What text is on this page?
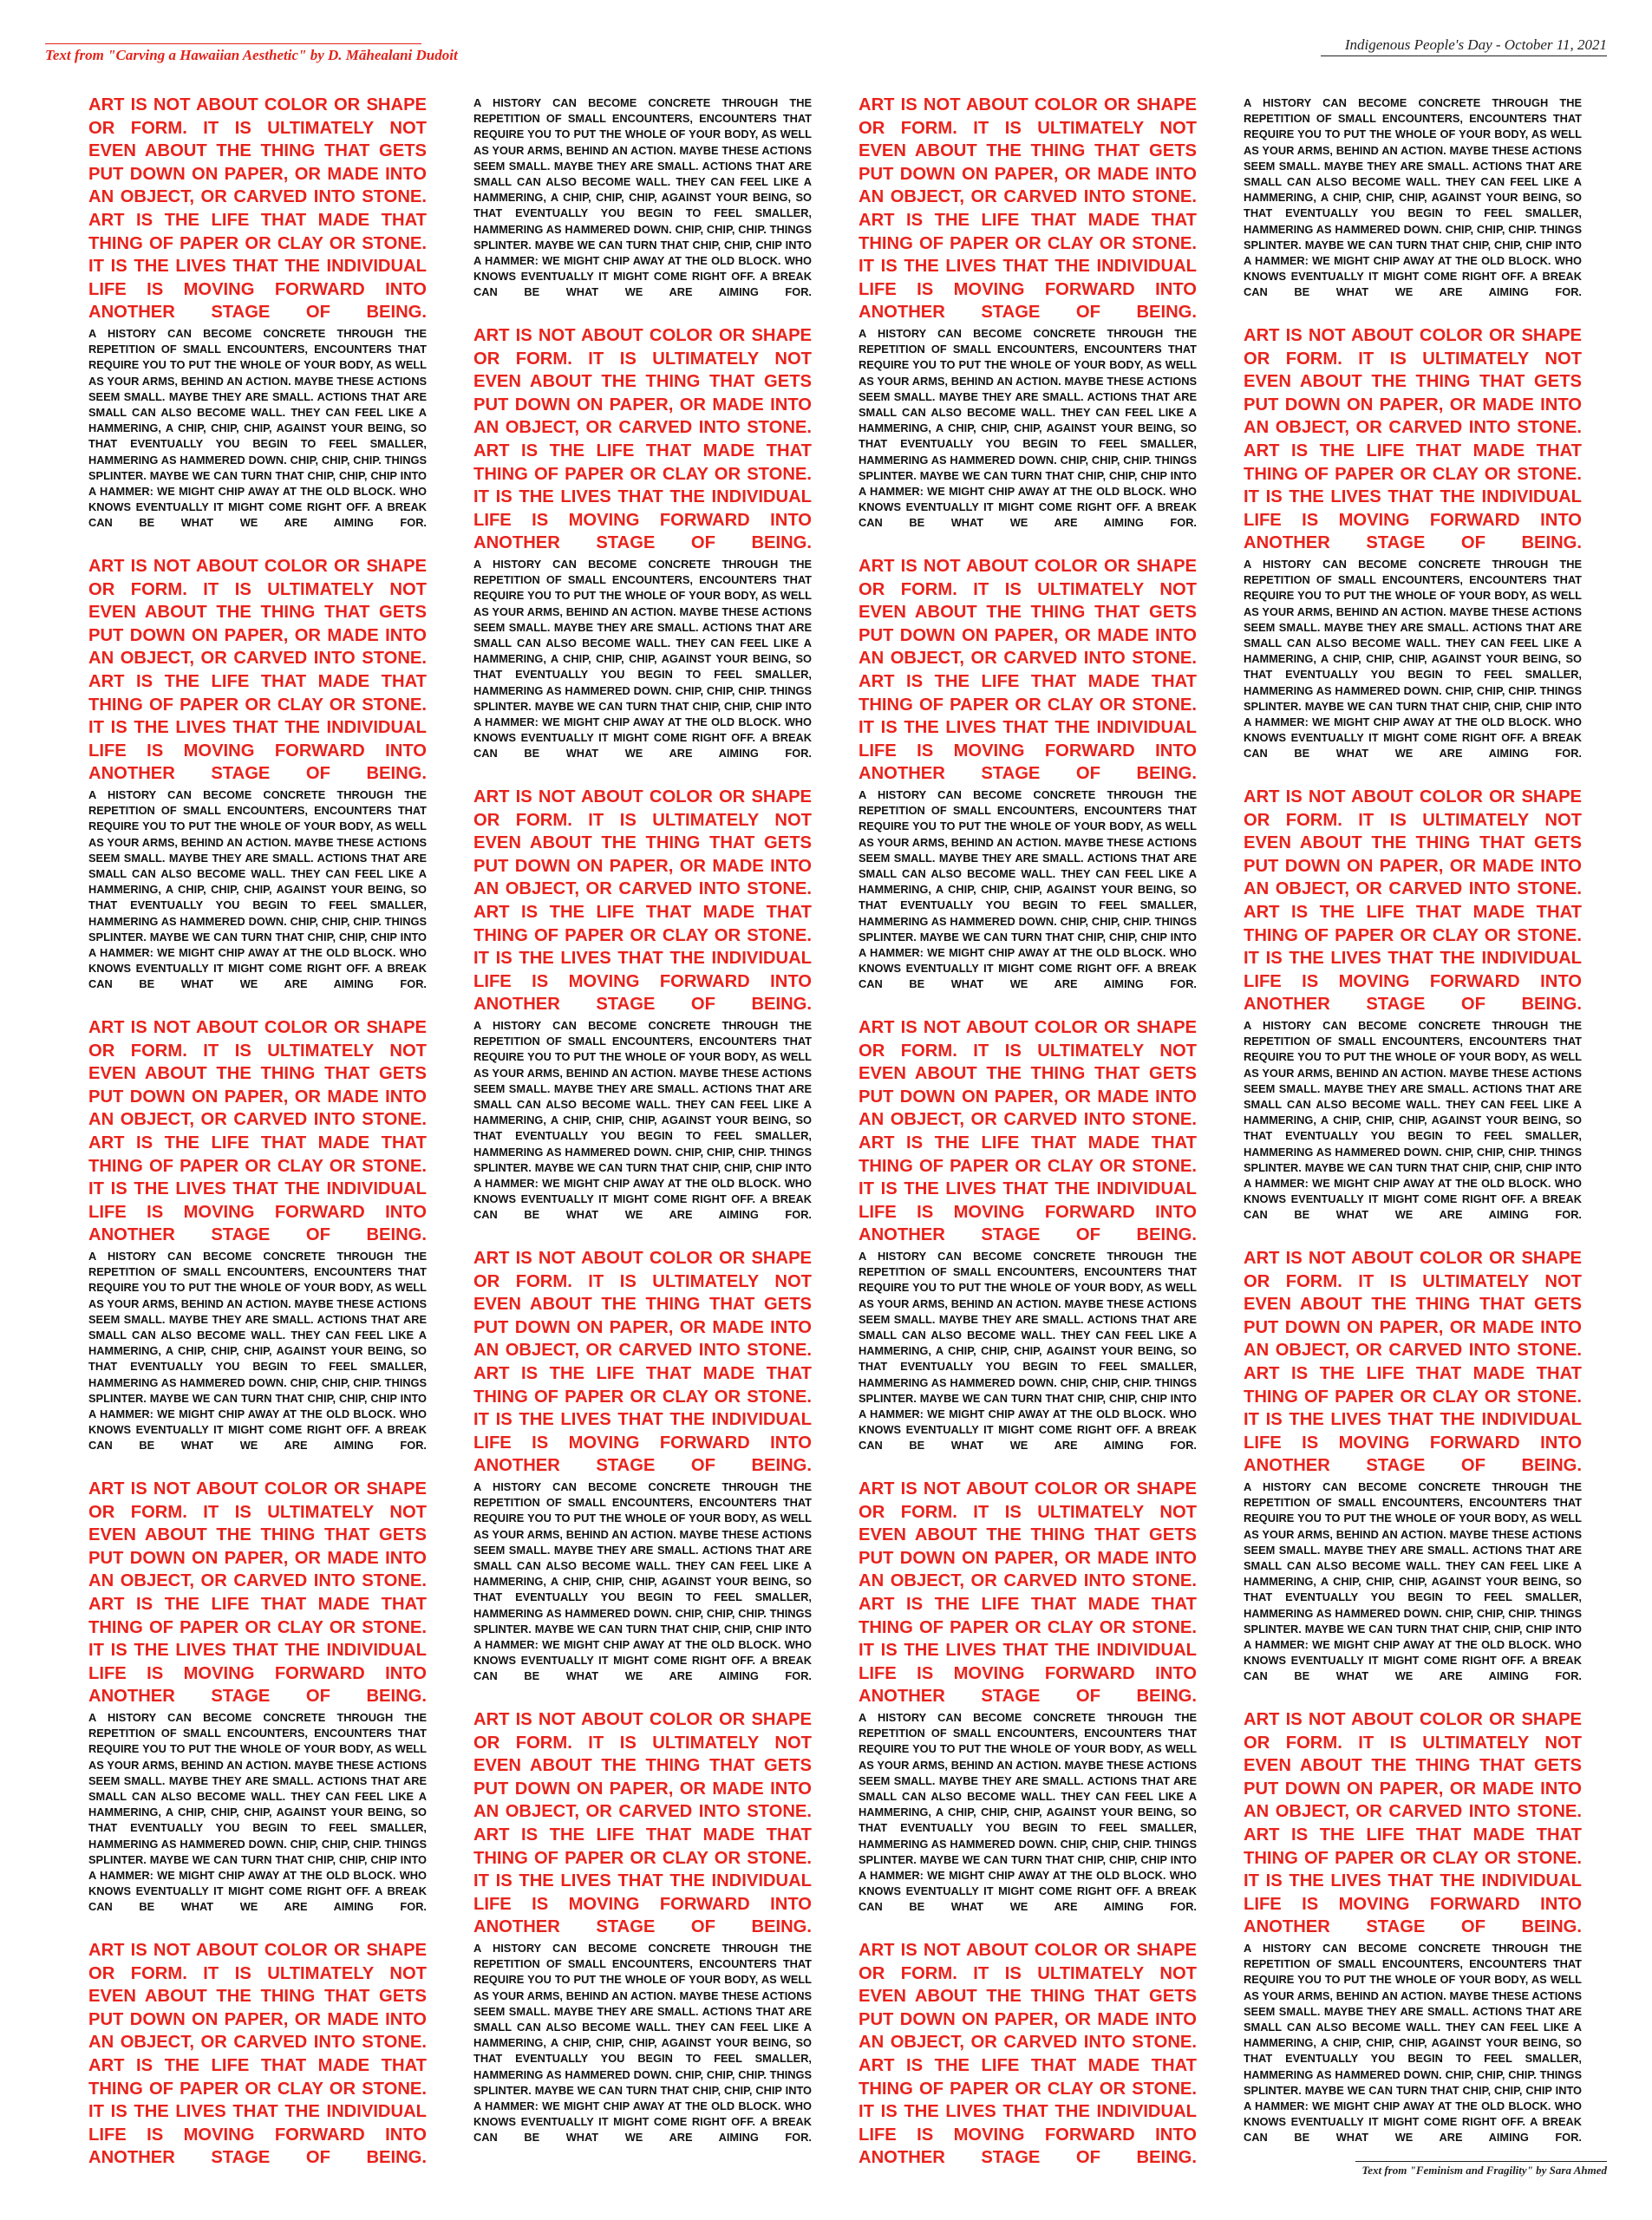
Text from "Carving a Hawaiian Aesthetic" by D. Māhealani Dudoit
Indigenous People's Day - October 11, 2021
ART IS NOT ABOUT COLOR OR SHAPE OR FORM. IT IS ULTIMATELY NOT EVEN ABOUT THE THING THAT GETS PUT DOWN ON PAPER, OR MADE INTO AN OBJECT, OR CARVED INTO STONE. ART IS THE LIFE THAT MADE THAT THING OF PAPER OR CLAY OR STONE. IT IS THE LIVES THAT THE INDIVIDUAL LIFE IS MOVING FORWARD INTO ANOTHER STAGE OF BEING.
A HISTORY CAN BECOME CONCRETE THROUGH THE REPETITION OF SMALL ENCOUNTERS, ENCOUNTERS THAT REQUIRE YOU TO PUT THE WHOLE OF YOUR BODY, AS WELL AS YOUR ARMS, BEHIND AN ACTION. MAYBE THESE ACTIONS SEEM SMALL. MAYBE THEY ARE SMALL. ACTIONS THAT ARE SMALL CAN ALSO BECOME WALL. THEY CAN FEEL LIKE A HAMMERING, A CHIP, CHIP, CHIP, AGAINST YOUR BEING, SO THAT EVENTUALLY YOU BEGIN TO FEEL SMALLER, HAMMERING AS HAMMERED DOWN. CHIP, CHIP, CHIP. THINGS SPLINTER. MAYBE WE CAN TURN THAT CHIP, CHIP, CHIP INTO A HAMMER: WE MIGHT CHIP AWAY AT THE OLD BLOCK. WHO KNOWS EVENTUALLY IT MIGHT COME RIGHT OFF. A BREAK CAN BE WHAT WE ARE AIMING FOR.
ART IS NOT ABOUT COLOR OR SHAPE OR FORM. IT IS ULTIMATELY NOT EVEN ABOUT THE THING THAT GETS PUT DOWN ON PAPER, OR MADE INTO AN OBJECT, OR CARVED INTO STONE. ART IS THE LIFE THAT MADE THAT THING OF PAPER OR CLAY OR STONE. IT IS THE LIVES THAT THE INDIVIDUAL LIFE IS MOVING FORWARD INTO ANOTHER STAGE OF BEING.
A HISTORY CAN BECOME CONCRETE THROUGH THE REPETITION OF SMALL ENCOUNTERS, ENCOUNTERS THAT REQUIRE YOU TO PUT THE WHOLE OF YOUR BODY, AS WELL AS YOUR ARMS, BEHIND AN ACTION. MAYBE THESE ACTIONS SEEM SMALL. MAYBE THEY ARE SMALL. ACTIONS THAT ARE SMALL CAN ALSO BECOME WALL. THEY CAN FEEL LIKE A HAMMERING, A CHIP, CHIP, CHIP, AGAINST YOUR BEING, SO THAT EVENTUALLY YOU BEGIN TO FEEL SMALLER, HAMMERING AS HAMMERED DOWN. CHIP, CHIP, CHIP. THINGS SPLINTER. MAYBE WE CAN TURN THAT CHIP, CHIP, CHIP INTO A HAMMER: WE MIGHT CHIP AWAY AT THE OLD BLOCK. WHO KNOWS EVENTUALLY IT MIGHT COME RIGHT OFF. A BREAK CAN BE WHAT WE ARE AIMING FOR.
A HISTORY CAN BECOME CONCRETE THROUGH THE REPETITION OF SMALL ENCOUNTERS, ENCOUNTERS THAT REQUIRE YOU TO PUT THE WHOLE OF YOUR BODY, AS WELL AS YOUR ARMS, BEHIND AN ACTION. MAYBE THESE ACTIONS SEEM SMALL. MAYBE THEY ARE SMALL. ACTIONS THAT ARE SMALL CAN ALSO BECOME WALL. THEY CAN FEEL LIKE A HAMMERING, A CHIP, CHIP, CHIP, AGAINST YOUR BEING, SO THAT EVENTUALLY YOU BEGIN TO FEEL SMALLER, HAMMERING AS HAMMERED DOWN. CHIP, CHIP, CHIP. THINGS SPLINTER. MAYBE WE CAN TURN THAT CHIP, CHIP, CHIP INTO A HAMMER: WE MIGHT CHIP AWAY AT THE OLD BLOCK. WHO KNOWS EVENTUALLY IT MIGHT COME RIGHT OFF. A BREAK CAN BE WHAT WE ARE AIMING FOR.
ART IS NOT ABOUT COLOR OR SHAPE OR FORM. IT IS ULTIMATELY NOT EVEN ABOUT THE THING THAT GETS PUT DOWN ON PAPER, OR MADE INTO AN OBJECT, OR CARVED INTO STONE. ART IS THE LIFE THAT MADE THAT THING OF PAPER OR CLAY OR STONE. IT IS THE LIVES THAT THE INDIVIDUAL LIFE IS MOVING FORWARD INTO ANOTHER STAGE OF BEING.
A HISTORY CAN BECOME CONCRETE THROUGH THE REPETITION OF SMALL ENCOUNTERS, ENCOUNTERS THAT REQUIRE YOU TO PUT THE WHOLE OF YOUR BODY, AS WELL AS YOUR ARMS, BEHIND AN ACTION. MAYBE THESE ACTIONS SEEM SMALL. MAYBE THEY ARE SMALL. ACTIONS THAT ARE SMALL CAN ALSO BECOME WALL. THEY CAN FEEL LIKE A HAMMERING, A CHIP, CHIP, CHIP, AGAINST YOUR BEING, SO THAT EVENTUALLY YOU BEGIN TO FEEL SMALLER, HAMMERING AS HAMMERED DOWN. CHIP, CHIP, CHIP. THINGS SPLINTER. MAYBE WE CAN TURN THAT CHIP, CHIP, CHIP INTO A HAMMER: WE MIGHT CHIP AWAY AT THE OLD BLOCK. WHO KNOWS EVENTUALLY IT MIGHT COME RIGHT OFF. A BREAK CAN BE WHAT WE ARE AIMING FOR.
ART IS NOT ABOUT COLOR OR SHAPE OR FORM. IT IS ULTIMATELY NOT EVEN ABOUT THE THING THAT GETS PUT DOWN ON PAPER, OR MADE INTO AN OBJECT, OR CARVED INTO STONE. ART IS THE LIFE THAT MADE THAT THING OF PAPER OR CLAY OR STONE. IT IS THE LIVES THAT THE INDIVIDUAL LIFE IS MOVING FORWARD INTO ANOTHER STAGE OF BEING.
ART IS NOT ABOUT COLOR OR SHAPE OR FORM. IT IS ULTIMATELY NOT EVEN ABOUT THE THING THAT GETS PUT DOWN ON PAPER, OR MADE INTO AN OBJECT, OR CARVED INTO STONE. ART IS THE LIFE THAT MADE THAT THING OF PAPER OR CLAY OR STONE. IT IS THE LIVES THAT THE INDIVIDUAL LIFE IS MOVING FORWARD INTO ANOTHER STAGE OF BEING.
A HISTORY CAN BECOME CONCRETE THROUGH THE REPETITION OF SMALL ENCOUNTERS, ENCOUNTERS THAT REQUIRE YOU TO PUT THE WHOLE OF YOUR BODY, AS WELL AS YOUR ARMS, BEHIND AN ACTION. MAYBE THESE ACTIONS SEEM SMALL. MAYBE THEY ARE SMALL. ACTIONS THAT ARE SMALL CAN ALSO BECOME WALL. THEY CAN FEEL LIKE A HAMMERING, A CHIP, CHIP, CHIP, AGAINST YOUR BEING, SO THAT EVENTUALLY YOU BEGIN TO FEEL SMALLER, HAMMERING AS HAMMERED DOWN. CHIP, CHIP, CHIP. THINGS SPLINTER. MAYBE WE CAN TURN THAT CHIP, CHIP, CHIP INTO A HAMMER: WE MIGHT CHIP AWAY AT THE OLD BLOCK. WHO KNOWS EVENTUALLY IT MIGHT COME RIGHT OFF. A BREAK CAN BE WHAT WE ARE AIMING FOR.
ART IS NOT ABOUT COLOR OR SHAPE OR FORM. IT IS ULTIMATELY NOT EVEN ABOUT THE THING THAT GETS PUT DOWN ON PAPER, OR MADE INTO AN OBJECT, OR CARVED INTO STONE. ART IS THE LIFE THAT MADE THAT THING OF PAPER OR CLAY OR STONE. IT IS THE LIVES THAT THE INDIVIDUAL LIFE IS MOVING FORWARD INTO ANOTHER STAGE OF BEING.
A HISTORY CAN BECOME CONCRETE THROUGH THE REPETITION OF SMALL ENCOUNTERS, ENCOUNTERS THAT REQUIRE YOU TO PUT THE WHOLE OF YOUR BODY, AS WELL AS YOUR ARMS, BEHIND AN ACTION. MAYBE THESE ACTIONS SEEM SMALL. MAYBE THEY ARE SMALL. ACTIONS THAT ARE SMALL CAN ALSO BECOME WALL. THEY CAN FEEL LIKE A HAMMERING, A CHIP, CHIP, CHIP, AGAINST YOUR BEING, SO THAT EVENTUALLY YOU BEGIN TO FEEL SMALLER, HAMMERING AS HAMMERED DOWN. CHIP, CHIP, CHIP. THINGS SPLINTER. MAYBE WE CAN TURN THAT CHIP, CHIP, CHIP INTO A HAMMER: WE MIGHT CHIP AWAY AT THE OLD BLOCK. WHO KNOWS EVENTUALLY IT MIGHT COME RIGHT OFF. A BREAK CAN BE WHAT WE ARE AIMING FOR.
A HISTORY CAN BECOME CONCRETE THROUGH THE REPETITION OF SMALL ENCOUNTERS, ENCOUNTERS THAT REQUIRE YOU TO PUT THE WHOLE OF YOUR BODY, AS WELL AS YOUR ARMS, BEHIND AN ACTION. MAYBE THESE ACTIONS SEEM SMALL. MAYBE THEY ARE SMALL. ACTIONS THAT ARE SMALL CAN ALSO BECOME WALL. THEY CAN FEEL LIKE A HAMMERING, A CHIP, CHIP, CHIP, AGAINST YOUR BEING, SO THAT EVENTUALLY YOU BEGIN TO FEEL SMALLER, HAMMERING AS HAMMERED DOWN. CHIP, CHIP, CHIP. THINGS SPLINTER. MAYBE WE CAN TURN THAT CHIP, CHIP, CHIP INTO A HAMMER: WE MIGHT CHIP AWAY AT THE OLD BLOCK. WHO KNOWS EVENTUALLY IT MIGHT COME RIGHT OFF. A BREAK CAN BE WHAT WE ARE AIMING FOR.
ART IS NOT ABOUT COLOR OR SHAPE OR FORM. IT IS ULTIMATELY NOT EVEN ABOUT THE THING THAT GETS PUT DOWN ON PAPER, OR MADE INTO AN OBJECT, OR CARVED INTO STONE. ART IS THE LIFE THAT MADE THAT THING OF PAPER OR CLAY OR STONE. IT IS THE LIVES THAT THE INDIVIDUAL LIFE IS MOVING FORWARD INTO ANOTHER STAGE OF BEING.
A HISTORY CAN BECOME CONCRETE THROUGH THE REPETITION OF SMALL ENCOUNTERS, ENCOUNTERS THAT REQUIRE YOU TO PUT THE WHOLE OF YOUR BODY, AS WELL AS YOUR ARMS, BEHIND AN ACTION. MAYBE THESE ACTIONS SEEM SMALL. MAYBE THEY ARE SMALL. ACTIONS THAT ARE SMALL CAN ALSO BECOME WALL. THEY CAN FEEL LIKE A HAMMERING, A CHIP, CHIP, CHIP, AGAINST YOUR BEING, SO THAT EVENTUALLY YOU BEGIN TO FEEL SMALLER, HAMMERING AS HAMMERED DOWN. CHIP, CHIP, CHIP. THINGS SPLINTER. MAYBE WE CAN TURN THAT CHIP, CHIP, CHIP INTO A HAMMER: WE MIGHT CHIP AWAY AT THE OLD BLOCK. WHO KNOWS EVENTUALLY IT MIGHT COME RIGHT OFF. A BREAK CAN BE WHAT WE ARE AIMING FOR.
ART IS NOT ABOUT COLOR OR SHAPE OR FORM. IT IS ULTIMATELY NOT EVEN ABOUT THE THING THAT GETS PUT DOWN ON PAPER, OR MADE INTO AN OBJECT, OR CARVED INTO STONE. ART IS THE LIFE THAT MADE THAT THING OF PAPER OR CLAY OR STONE. IT IS THE LIVES THAT THE INDIVIDUAL LIFE IS MOVING FORWARD INTO ANOTHER STAGE OF BEING.
ART IS NOT ABOUT COLOR OR SHAPE OR FORM. IT IS ULTIMATELY NOT EVEN ABOUT THE THING THAT GETS PUT DOWN ON PAPER, OR MADE INTO AN OBJECT, OR CARVED INTO STONE. ART IS THE LIFE THAT MADE THAT THING OF PAPER OR CLAY OR STONE. IT IS THE LIVES THAT THE INDIVIDUAL LIFE IS MOVING FORWARD INTO ANOTHER STAGE OF BEING.
A HISTORY CAN BECOME CONCRETE THROUGH THE REPETITION OF SMALL ENCOUNTERS, ENCOUNTERS THAT REQUIRE YOU TO PUT THE WHOLE OF YOUR BODY, AS WELL AS YOUR ARMS, BEHIND AN ACTION. MAYBE THESE ACTIONS SEEM SMALL. MAYBE THEY ARE SMALL. ACTIONS THAT ARE SMALL CAN ALSO BECOME WALL. THEY CAN FEEL LIKE A HAMMERING, A CHIP, CHIP, CHIP, AGAINST YOUR BEING, SO THAT EVENTUALLY YOU BEGIN TO FEEL SMALLER, HAMMERING AS HAMMERED DOWN. CHIP, CHIP, CHIP. THINGS SPLINTER. MAYBE WE CAN TURN THAT CHIP, CHIP, CHIP INTO A HAMMER: WE MIGHT CHIP AWAY AT THE OLD BLOCK. WHO KNOWS EVENTUALLY IT MIGHT COME RIGHT OFF. A BREAK CAN BE WHAT WE ARE AIMING FOR.
ART IS NOT ABOUT COLOR OR SHAPE OR FORM. IT IS ULTIMATELY NOT EVEN ABOUT THE THING THAT GETS PUT DOWN ON PAPER, OR MADE INTO AN OBJECT, OR CARVED INTO STONE. ART IS THE LIFE THAT MADE THAT THING OF PAPER OR CLAY OR STONE. IT IS THE LIVES THAT THE INDIVIDUAL LIFE IS MOVING FORWARD INTO ANOTHER STAGE OF BEING.
A HISTORY CAN BECOME CONCRETE THROUGH THE REPETITION OF SMALL ENCOUNTERS, ENCOUNTERS THAT REQUIRE YOU TO PUT THE WHOLE OF YOUR BODY, AS WELL AS YOUR ARMS, BEHIND AN ACTION. MAYBE THESE ACTIONS SEEM SMALL. MAYBE THEY ARE SMALL. ACTIONS THAT ARE SMALL CAN ALSO BECOME WALL. THEY CAN FEEL LIKE A HAMMERING, A CHIP, CHIP, CHIP, AGAINST YOUR BEING, SO THAT EVENTUALLY YOU BEGIN TO FEEL SMALLER, HAMMERING AS HAMMERED DOWN. CHIP, CHIP, CHIP. THINGS SPLINTER. MAYBE WE CAN TURN THAT CHIP, CHIP, CHIP INTO A HAMMER: WE MIGHT CHIP AWAY AT THE OLD BLOCK. WHO KNOWS EVENTUALLY IT MIGHT COME RIGHT OFF. A BREAK CAN BE WHAT WE ARE AIMING FOR.
A HISTORY CAN BECOME CONCRETE THROUGH THE REPETITION OF SMALL ENCOUNTERS, ENCOUNTERS THAT REQUIRE YOU TO PUT THE WHOLE OF YOUR BODY, AS WELL AS YOUR ARMS, BEHIND AN ACTION. MAYBE THESE ACTIONS SEEM SMALL. MAYBE THEY ARE SMALL. ACTIONS THAT ARE SMALL CAN ALSO BECOME WALL. THEY CAN FEEL LIKE A HAMMERING, A CHIP, CHIP, CHIP, AGAINST YOUR BEING, SO THAT EVENTUALLY YOU BEGIN TO FEEL SMALLER, HAMMERING AS HAMMERED DOWN. CHIP, CHIP, CHIP. THINGS SPLINTER. MAYBE WE CAN TURN THAT CHIP, CHIP, CHIP INTO A HAMMER: WE MIGHT CHIP AWAY AT THE OLD BLOCK. WHO KNOWS EVENTUALLY IT MIGHT COME RIGHT OFF. A BREAK CAN BE WHAT WE ARE AIMING FOR.
ART IS NOT ABOUT COLOR OR SHAPE OR FORM. IT IS ULTIMATELY NOT EVEN ABOUT THE THING THAT GETS PUT DOWN ON PAPER, OR MADE INTO AN OBJECT, OR CARVED INTO STONE. ART IS THE LIFE THAT MADE THAT THING OF PAPER OR CLAY OR STONE. IT IS THE LIVES THAT THE INDIVIDUAL LIFE IS MOVING FORWARD INTO ANOTHER STAGE OF BEING.
A HISTORY CAN BECOME CONCRETE THROUGH THE REPETITION OF SMALL ENCOUNTERS, ENCOUNTERS THAT REQUIRE YOU TO PUT THE WHOLE OF YOUR BODY, AS WELL AS YOUR ARMS, BEHIND AN ACTION. MAYBE THESE ACTIONS SEEM SMALL. MAYBE THEY ARE SMALL. ACTIONS THAT ARE SMALL CAN ALSO BECOME WALL. THEY CAN FEEL LIKE A HAMMERING, A CHIP, CHIP, CHIP, AGAINST YOUR BEING, SO THAT EVENTUALLY YOU BEGIN TO FEEL SMALLER, HAMMERING AS HAMMERED DOWN. CHIP, CHIP, CHIP. THINGS SPLINTER. MAYBE WE CAN TURN THAT CHIP, CHIP, CHIP INTO A HAMMER: WE MIGHT CHIP AWAY AT THE OLD BLOCK. WHO KNOWS EVENTUALLY IT MIGHT COME RIGHT OFF. A BREAK CAN BE WHAT WE ARE AIMING FOR.
ART IS NOT ABOUT COLOR OR SHAPE OR FORM. IT IS ULTIMATELY NOT EVEN ABOUT THE THING THAT GETS PUT DOWN ON PAPER, OR MADE INTO AN OBJECT, OR CARVED INTO STONE. ART IS THE LIFE THAT MADE THAT THING OF PAPER OR CLAY OR STONE. IT IS THE LIVES THAT THE INDIVIDUAL LIFE IS MOVING FORWARD INTO ANOTHER STAGE OF BEING.
ART IS NOT ABOUT COLOR OR SHAPE OR FORM. IT IS ULTIMATELY NOT EVEN ABOUT THE THING THAT GETS PUT DOWN ON PAPER, OR MADE INTO AN OBJECT, OR CARVED INTO STONE. ART IS THE LIFE THAT MADE THAT THING OF PAPER OR CLAY OR STONE. IT IS THE LIVES THAT THE INDIVIDUAL LIFE IS MOVING FORWARD INTO ANOTHER STAGE OF BEING.
A HISTORY CAN BECOME CONCRETE THROUGH THE REPETITION OF SMALL ENCOUNTERS, ENCOUNTERS THAT REQUIRE YOU TO PUT THE WHOLE OF YOUR BODY, AS WELL AS YOUR ARMS, BEHIND AN ACTION. MAYBE THESE ACTIONS SEEM SMALL. MAYBE THEY ARE SMALL. ACTIONS THAT ARE SMALL CAN ALSO BECOME WALL. THEY CAN FEEL LIKE A HAMMERING, A CHIP, CHIP, CHIP, AGAINST YOUR BEING, SO THAT EVENTUALLY YOU BEGIN TO FEEL SMALLER, HAMMERING AS HAMMERED DOWN. CHIP, CHIP, CHIP. THINGS SPLINTER. MAYBE WE CAN TURN THAT CHIP, CHIP, CHIP INTO A HAMMER: WE MIGHT CHIP AWAY AT THE OLD BLOCK. WHO KNOWS EVENTUALLY IT MIGHT COME RIGHT OFF. A BREAK CAN BE WHAT WE ARE AIMING FOR.
ART IS NOT ABOUT COLOR OR SHAPE OR FORM. IT IS ULTIMATELY NOT EVEN ABOUT THE THING THAT GETS PUT DOWN ON PAPER, OR MADE INTO AN OBJECT, OR CARVED INTO STONE. ART IS THE LIFE THAT MADE THAT THING OF PAPER OR CLAY OR STONE. IT IS THE LIVES THAT THE INDIVIDUAL LIFE IS MOVING FORWARD INTO ANOTHER STAGE OF BEING.
A HISTORY CAN BECOME CONCRETE THROUGH THE REPETITION OF SMALL ENCOUNTERS, ENCOUNTERS THAT REQUIRE YOU TO PUT THE WHOLE OF YOUR BODY, AS WELL AS YOUR ARMS, BEHIND AN ACTION. MAYBE THESE ACTIONS SEEM SMALL. MAYBE THEY ARE SMALL. ACTIONS THAT ARE SMALL CAN ALSO BECOME WALL. THEY CAN FEEL LIKE A HAMMERING, A CHIP, CHIP, CHIP, AGAINST YOUR BEING, SO THAT EVENTUALLY YOU BEGIN TO FEEL SMALLER, HAMMERING AS HAMMERED DOWN. CHIP, CHIP, CHIP. THINGS SPLINTER. MAYBE WE CAN TURN THAT CHIP, CHIP, CHIP INTO A HAMMER: WE MIGHT CHIP AWAY AT THE OLD BLOCK. WHO KNOWS EVENTUALLY IT MIGHT COME RIGHT OFF. A BREAK CAN BE WHAT WE ARE AIMING FOR.
A HISTORY CAN BECOME CONCRETE THROUGH THE REPETITION OF SMALL ENCOUNTERS, ENCOUNTERS THAT REQUIRE YOU TO PUT THE WHOLE OF YOUR BODY, AS WELL AS YOUR ARMS, BEHIND AN ACTION. MAYBE THESE ACTIONS SEEM SMALL. MAYBE THEY ARE SMALL. ACTIONS THAT ARE SMALL CAN ALSO BECOME WALL. THEY CAN FEEL LIKE A HAMMERING, A CHIP, CHIP, CHIP, AGAINST YOUR BEING, SO THAT EVENTUALLY YOU BEGIN TO FEEL SMALLER, HAMMERING AS HAMMERED DOWN. CHIP, CHIP, CHIP. THINGS SPLINTER. MAYBE WE CAN TURN THAT CHIP, CHIP, CHIP INTO A HAMMER: WE MIGHT CHIP AWAY AT THE OLD BLOCK. WHO KNOWS EVENTUALLY IT MIGHT COME RIGHT OFF. A BREAK CAN BE WHAT WE ARE AIMING FOR.
ART IS NOT ABOUT COLOR OR SHAPE OR FORM. IT IS ULTIMATELY NOT EVEN ABOUT THE THING THAT GETS PUT DOWN ON PAPER, OR MADE INTO AN OBJECT, OR CARVED INTO STONE. ART IS THE LIFE THAT MADE THAT THING OF PAPER OR CLAY OR STONE. IT IS THE LIVES THAT THE INDIVIDUAL LIFE IS MOVING FORWARD INTO ANOTHER STAGE OF BEING.
A HISTORY CAN BECOME CONCRETE THROUGH THE REPETITION OF SMALL ENCOUNTERS, ENCOUNTERS THAT REQUIRE YOU TO PUT THE WHOLE OF YOUR BODY, AS WELL AS YOUR ARMS, BEHIND AN ACTION. MAYBE THESE ACTIONS SEEM SMALL. MAYBE THEY ARE SMALL. ACTIONS THAT ARE SMALL CAN ALSO BECOME WALL. THEY CAN FEEL LIKE A HAMMERING, A CHIP, CHIP, CHIP, AGAINST YOUR BEING, SO THAT EVENTUALLY YOU BEGIN TO FEEL SMALLER, HAMMERING AS HAMMERED DOWN. CHIP, CHIP, CHIP. THINGS SPLINTER. MAYBE WE CAN TURN THAT CHIP, CHIP, CHIP INTO A HAMMER: WE MIGHT CHIP AWAY AT THE OLD BLOCK. WHO KNOWS EVENTUALLY IT MIGHT COME RIGHT OFF. A BREAK CAN BE WHAT WE ARE AIMING FOR.
ART IS NOT ABOUT COLOR OR SHAPE OR FORM. IT IS ULTIMATELY NOT EVEN ABOUT THE THING THAT GETS PUT DOWN ON PAPER, OR MADE INTO AN OBJECT, OR CARVED INTO STONE. ART IS THE LIFE THAT MADE THAT THING OF PAPER OR CLAY OR STONE. IT IS THE LIVES THAT THE INDIVIDUAL LIFE IS MOVING FORWARD INTO ANOTHER STAGE OF BEING.
ART IS NOT ABOUT COLOR OR SHAPE OR FORM. IT IS ULTIMATELY NOT EVEN ABOUT THE THING THAT GETS PUT DOWN ON PAPER, OR MADE INTO AN OBJECT, OR CARVED INTO STONE. ART IS THE LIFE THAT MADE THAT THING OF PAPER OR CLAY OR STONE. IT IS THE LIVES THAT THE INDIVIDUAL LIFE IS MOVING FORWARD INTO ANOTHER STAGE OF BEING.
A HISTORY CAN BECOME CONCRETE THROUGH THE REPETITION OF SMALL ENCOUNTERS, ENCOUNTERS THAT REQUIRE YOU TO PUT THE WHOLE OF YOUR BODY, AS WELL AS YOUR ARMS, BEHIND AN ACTION. MAYBE THESE ACTIONS SEEM SMALL. MAYBE THEY ARE SMALL. ACTIONS THAT ARE SMALL CAN ALSO BECOME WALL. THEY CAN FEEL LIKE A HAMMERING, A CHIP, CHIP, CHIP, AGAINST YOUR BEING, SO THAT EVENTUALLY YOU BEGIN TO FEEL SMALLER, HAMMERING AS HAMMERED DOWN. CHIP, CHIP, CHIP. THINGS SPLINTER. MAYBE WE CAN TURN THAT CHIP, CHIP, CHIP INTO A HAMMER: WE MIGHT CHIP AWAY AT THE OLD BLOCK. WHO KNOWS EVENTUALLY IT MIGHT COME RIGHT OFF. A BREAK CAN BE WHAT WE ARE AIMING FOR.
ART IS NOT ABOUT COLOR OR SHAPE OR FORM. IT IS ULTIMATELY NOT EVEN ABOUT THE THING THAT GETS PUT DOWN ON PAPER, OR MADE INTO AN OBJECT, OR CARVED INTO STONE. ART IS THE LIFE THAT MADE THAT THING OF PAPER OR CLAY OR STONE. IT IS THE LIVES THAT THE INDIVIDUAL LIFE IS MOVING FORWARD INTO ANOTHER STAGE OF BEING.
A HISTORY CAN BECOME CONCRETE THROUGH THE REPETITION OF SMALL ENCOUNTERS, ENCOUNTERS THAT REQUIRE YOU TO PUT THE WHOLE OF YOUR BODY, AS WELL AS YOUR ARMS, BEHIND AN ACTION. MAYBE THESE ACTIONS SEEM SMALL. MAYBE THEY ARE SMALL. ACTIONS THAT ARE SMALL CAN ALSO BECOME WALL. THEY CAN FEEL LIKE A HAMMERING, A CHIP, CHIP, CHIP, AGAINST YOUR BEING, SO THAT EVENTUALLY YOU BEGIN TO FEEL SMALLER, HAMMERING AS HAMMERED DOWN. CHIP, CHIP, CHIP. THINGS SPLINTER. MAYBE WE CAN TURN THAT CHIP, CHIP, CHIP INTO A HAMMER: WE MIGHT CHIP AWAY AT THE OLD BLOCK. WHO KNOWS EVENTUALLY IT MIGHT COME RIGHT OFF. A BREAK CAN BE WHAT WE ARE AIMING FOR.
Text from "Feminism and Fragility" by Sara Ahmed
